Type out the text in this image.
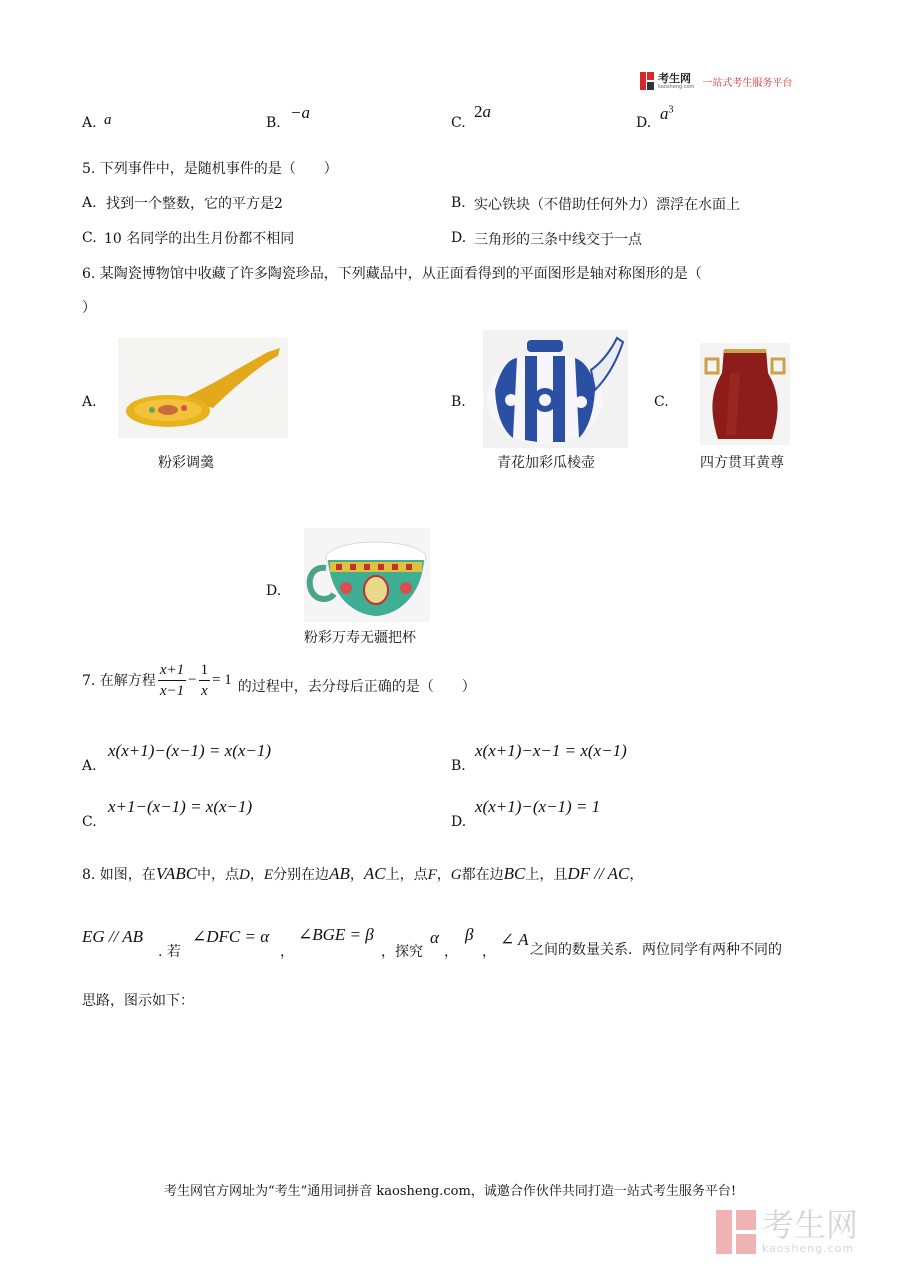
考生网
kaosheng.com 一站式考生服务平台
A. a	B.
−a
C.
2a
D. $a^3$
5. 下列事件中，是随机事件的是（　　）
A. 找到一个整数，它的平方是2	B. 实心铁块（不借助任何外力）漂浮在水面上
C. 10 名同学的出生月份都不相同	D. 三角形的三条中线交于一点
6. 某陶瓷博物馆中收藏了许多陶瓷珍品，下列藏品中，从正面看得到的平面图形是轴对称图形的是（
）
A.
粉彩调羹
B.
青花加彩瓜棱壶
C.
四方贯耳黄尊
D.
粉彩万寿无疆把杯
7. 在解方程 $\frac{x+1}{x-1} - \frac{1}{x} = 1$ 的过程中，去分母后正确的是（　　）
A.
x(x+1)−(x−1) = x(x−1)
B.
x(x+1)−x−1 = x(x−1)
C.
x+1−(x−1) = x(x−1)
D.
x(x+1)−(x−1) = 1
8. 如图，在 VABC 中，点 D ， E 分别在边 AB ， AC 上，点 F ， G 都在边 BC 上，且 DF // AC ，
EG // AB
. 若
∠DFC = α
，
∠BGE = β
，探究
α
，
β
，
∠ A
之间的数量关系．两位同学有两种不同的
思路，图示如下：
考生网官方网址为“考生”通用词拼音 kaosheng.com，诚邀合作伙伴共同打造一站式考生服务平台!
考生网
kaosheng.com
